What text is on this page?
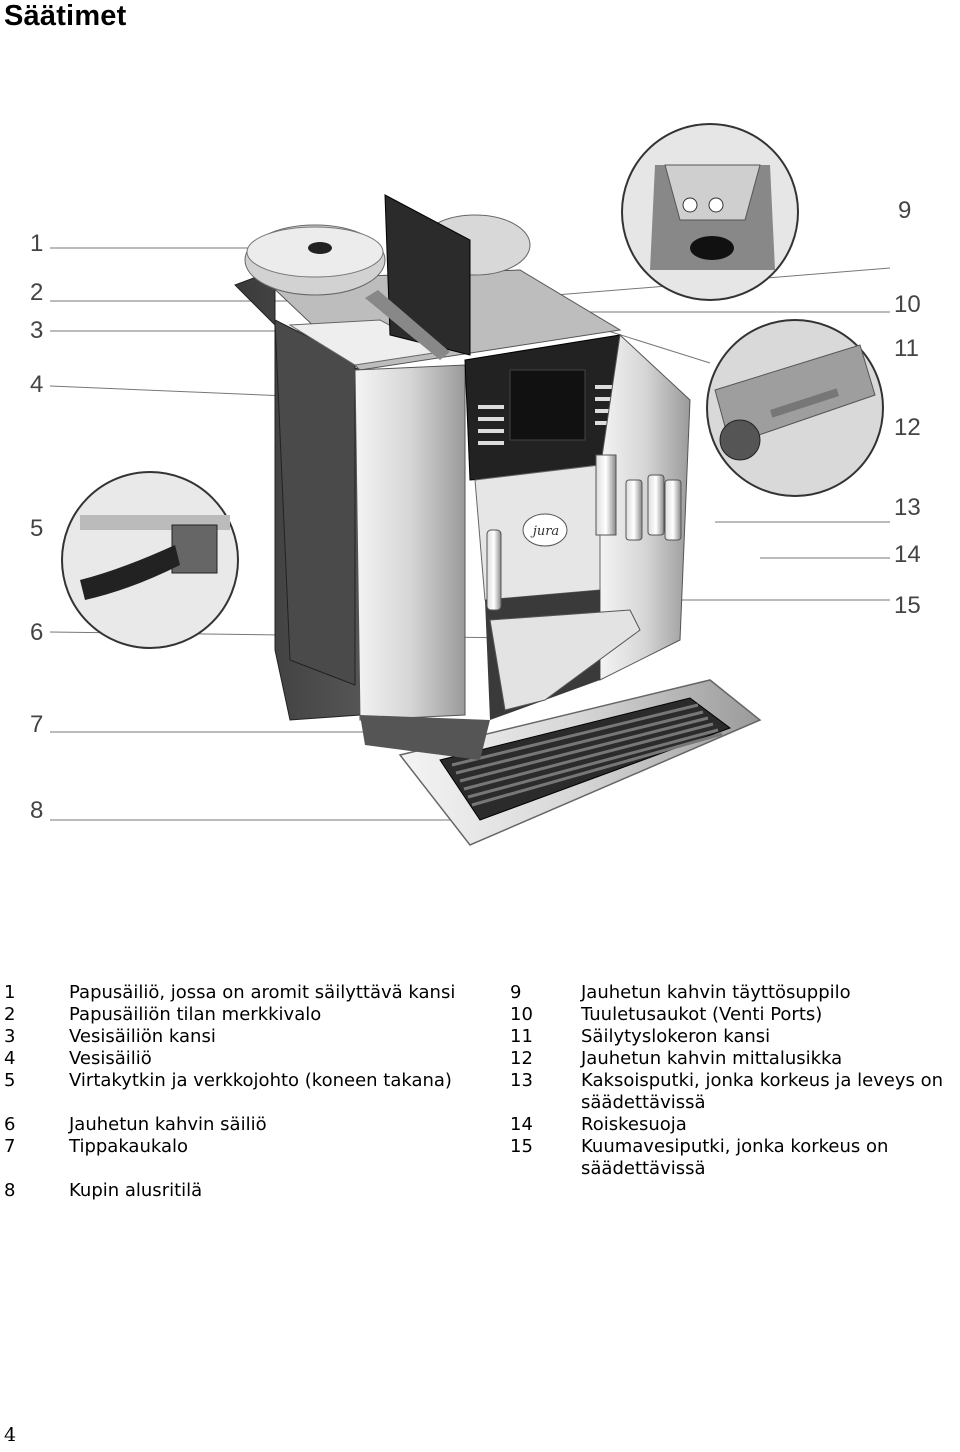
Säätimet
jura
1
2
3
4
5
6
7
8
9
10
11
12
13
14
15
1	Papusäiliö, jossa on aromit säilyttävä kansi
2	Papusäiliön tilan merkkivalo
3	Vesisäiliön kansi
4	Vesisäiliö
5	Virtakytkin ja verkkojohto (koneen takana)
6	Jauhetun kahvin säiliö
7	Tippakaukalo
8	Kupin alusritilä
9	Jauhetun kahvin täyttösuppilo
10	Tuuletusaukot (Venti Ports)
11	Säilytyslokeron kansi
12	Jauhetun kahvin mittalusikka
13	Kaksoisputki, jonka korkeus ja leveys on säädettävissä
14	Roiskesuoja
15	Kuumavesiputki, jonka korkeus on säädettävissä
4
